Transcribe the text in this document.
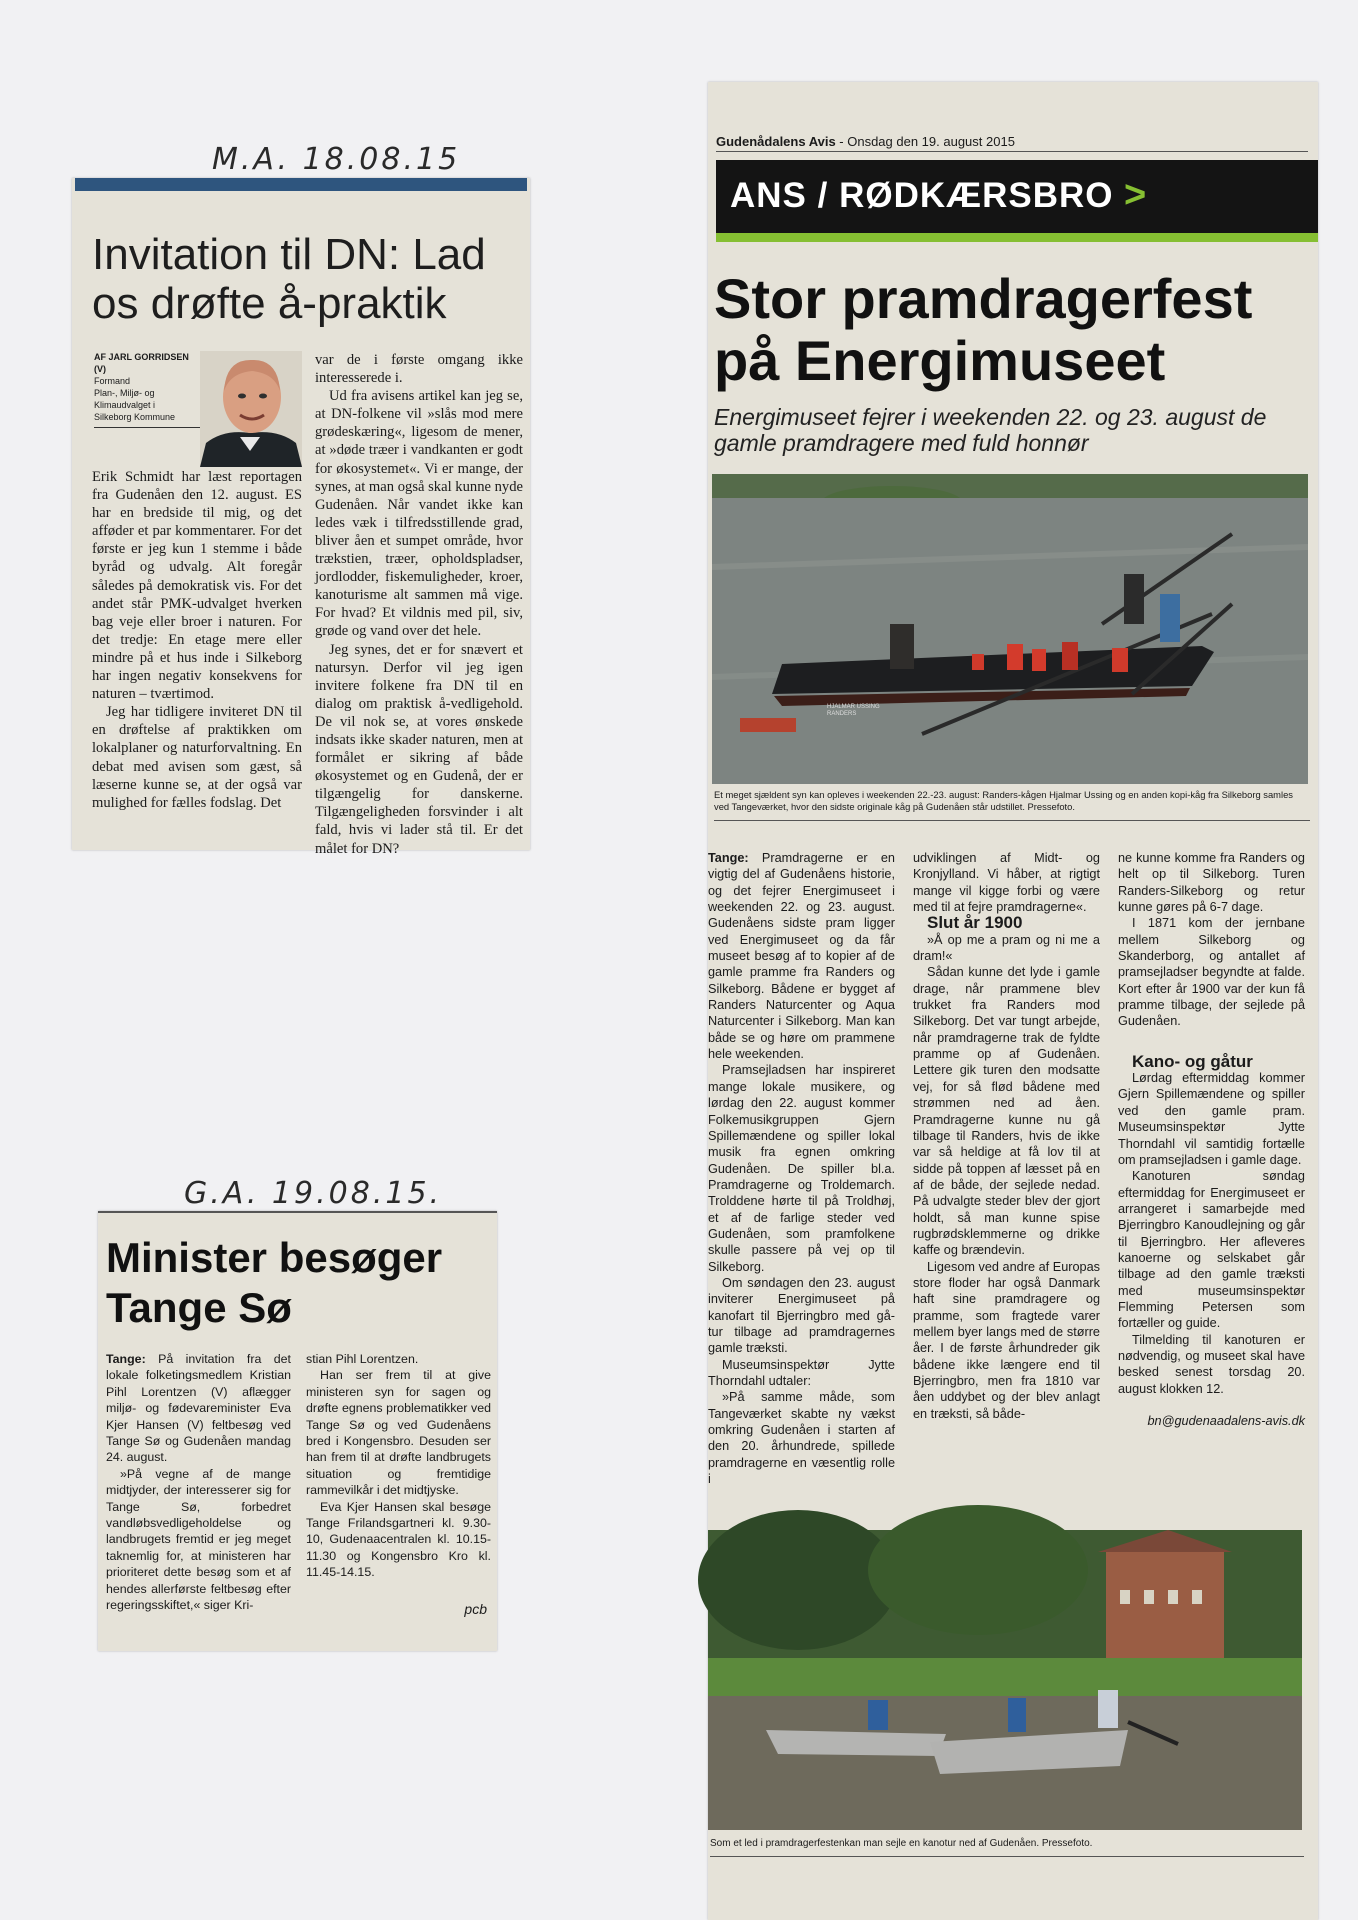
M.A. 18.08.15
Invitation til DN: Lad os drøfte å-praktik
AF JARL GORRIDSEN
(V)
Formand
Plan-, Miljø- og
Klimaudvalget i
Silkeborg Kommune

Erik Schmidt har læst reportagen fra Gudenåen den 12. august. ES har en bredside til mig, og det afføder et par kommentarer. For det første er jeg kun 1 stemme i både byråd og udvalg. Alt foregår således på demokratisk vis. For det andet står PMK-udvalget hverken bag veje eller broer i naturen. For det tredje: En etage mere eller mindre på et hus inde i Silkeborg har ingen negativ konsekvens for naturen – tværtimod.

Jeg har tidligere inviteret DN til en drøftelse af praktikken om lokalplaner og naturforvaltning. En debat med avisen som gæst, så læserne kunne se, at der også var mulighed for fælles fodslag. Det

var de i første omgang ikke interesserede i.

Ud fra avisens artikel kan jeg se, at DN-folkene vil »slås mod mere grødeskæring«, ligesom de mener, at »døde træer i vandkanten er godt for økosystemet«. Vi er mange, der synes, at man også skal kunne nyde Gudenåen. Når vandet ikke kan ledes væk i tilfredsstillende grad, bliver åen et sumpet område, hvor trækstien, træer, opholdspladser, jordlodder, fiskemuligheder, kroer, kanoturisme alt sammen må vige. For hvad? Et vildnis med pil, siv, grøde og vand over det hele.

Jeg synes, det er for snævert et natursyn. Derfor vil jeg igen invitere folkene fra DN til en dialog om praktisk å-vedligehold. De vil nok se, at vores ønskede indsats ikke skader naturen, men at formålet er sikring af både økosystemet og en Gudenå, der er tilgængelig for danskerne. Tilgængeligheden forsvinder i alt fald, hvis vi lader stå til. Er det målet for DN?

G.A. 19.08.15.
Minister besøger Tange Sø

Tange: På invitation fra det lokale folketingsmedlem Kristian Pihl Lorentzen (V) aflægger miljø- og fødevareminister Eva Kjer Hansen (V) feltbesøg ved Tange Sø og Gudenåen mandag 24. august.

»På vegne af de mange midtjyder, der interesserer sig for Tange Sø, forbedret vandløbsvedligeholdelse og landbrugets fremtid er jeg meget taknemlig for, at ministeren har prioriteret dette besøg som et af hendes allerførste feltbesøg efter regeringsskiftet,« siger Kri-

stian Pihl Lorentzen.

Han ser frem til at give ministeren syn for sagen og drøfte egnens problematikker ved Tange Sø og ved Gudenåens bred i Kongensbro. Desuden ser han frem til at drøfte landbrugets situation og fremtidige rammevilkår i det midtjyske.

Eva Kjer Hansen skal besøge Tange Frilandsgartneri kl. 9.30-10, Gudenaacentralen kl. 10.15-11.30 og Kongensbro Kro kl. 11.45-14.15.

pcb
Gudenådalens Avis - Onsdag den 19. august 2015
ANS / RØDKÆRSBRO >
Stor pramdragerfest på Energimuseet
Energimuseet fejrer i weekenden 22. og 23. august de gamle pramdragere med fuld honnør
HJALMAR USSING RANDERS
Et meget sjældent syn kan opleves i weekenden 22.-23. august: Randers-kågen Hjalmar Ussing og en anden kopi-kåg fra Silkeborg samles ved Tangeværket, hvor den sidste originale kåg på Gudenåen står udstillet. Pressefoto.

Tange: Pramdragerne er en vigtig del af Gudenåens historie, og det fejrer Energimuseet i weekenden 22. og 23. august. Gudenåens sidste pram ligger ved Energimuseet og da får museet besøg af to kopier af de gamle pramme fra Randers og Silkeborg. Bådene er bygget af Randers Naturcenter og Aqua Naturcenter i Silkeborg. Man kan både se og høre om prammene hele weekenden.

Pramsejladsen har inspireret mange lokale musikere, og lørdag den 22. august kommer Folkemusikgruppen Gjern Spillemændene og spiller lokal musik fra egnen omkring Gudenåen. De spiller bl.a. Pramdragerne og Troldemarch. Trolddene hørte til på Troldhøj, et af de farlige steder ved Gudenåen, som pramfolkene skulle passere på vej op til Silkeborg.

Om søndagen den 23. august inviterer Energimuseet på kanofart til Bjerringbro med gå-tur tilbage ad pramdragernes gamle træksti.

Museumsinspektør Jytte Thorndahl udtaler:

»På samme måde, som Tangeværket skabte ny vækst omkring Gudenåen i starten af den 20. århundrede, spillede pramdragerne en væsentlig rolle i

udviklingen af Midt- og Kronjylland. Vi håber, at rigtigt mange vil kigge forbi og være med til at fejre pramdragerne«.

Slut år 1900

»Å op me a pram og ni me a dram!«

Sådan kunne det lyde i gamle drage, når prammene blev trukket fra Randers mod Silkeborg. Det var tungt arbejde, når pramdragerne trak de fyldte pramme op af Gudenåen. Lettere gik turen den modsatte vej, for så flød bådene med strømmen ned ad åen. Pramdragerne kunne nu gå tilbage til Randers, hvis de ikke var så heldige at få lov til at sidde på toppen af læsset på en af de både, der sejlede nedad. På udvalgte steder blev der gjort holdt, så man kunne spise rugbrødsklemmerne og drikke kaffe og brændevin.

Ligesom ved andre af Europas store floder har også Danmark haft sine pramdragere og pramme, som fragtede varer mellem byer langs med de større åer. I de første århundreder gik bådene ikke længere end til Bjerringbro, men fra 1810 var åen uddybet og der blev anlagt en træksti, så både-

ne kunne komme fra Randers og helt op til Silkeborg. Turen Randers-Silkeborg og retur kunne gøres på 6-7 dage.

I 1871 kom der jernbane mellem Silkeborg og Skanderborg, og antallet af pramsejladser begyndte at falde. Kort efter år 1900 var der kun få pramme tilbage, der sejlede på Gudenåen.

Kano- og gåtur

Lørdag eftermiddag kommer Gjern Spillemændene og spiller ved den gamle pram. Museumsinspektør Jytte Thorndahl vil samtidig fortælle om pramsejladsen i gamle dage.

Kanoturen søndag eftermiddag for Energimuseet er arrangeret i samarbejde med Bjerringbro Kanoudlejning og går til Bjerringbro. Her afleveres kanoerne og selskabet går tilbage ad den gamle træksti med museumsinspektør Flemming Petersen som fortæller og guide.

Tilmelding til kanoturen er nødvendig, og museet skal have besked senest torsdag 20. august klokken 12.

bn@gudenaadalens-avis.dk

Som et led i pramdragerfestenkan man sejle en kanotur ned af Gudenåen. Pressefoto.
